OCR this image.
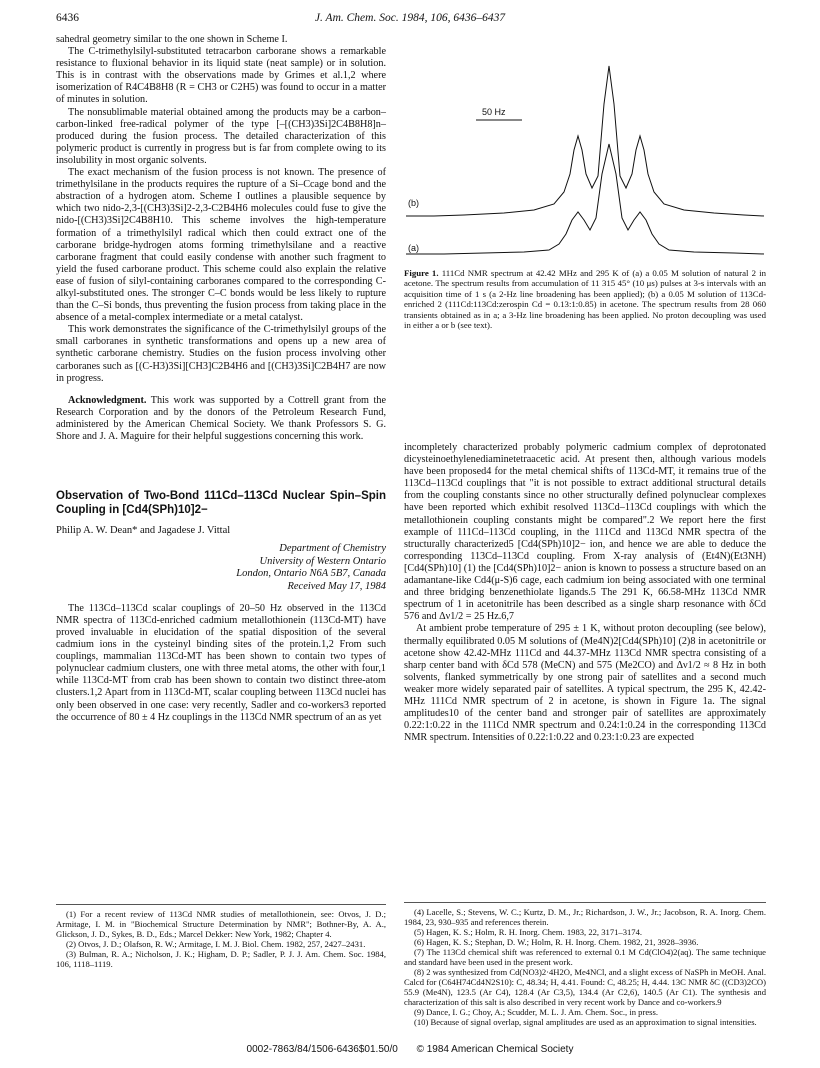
6436	J. Am. Chem. Soc. 1984, 106, 6436–6437

sahedral geometry similar to the one shown in Scheme I.

The C-trimethylsilyl-substituted tetracarbon carborane shows a remarkable resistance to fluxional behavior in its liquid state (neat sample) or in solution. This is in contrast with the observations made by Grimes et al.1,2 where isomerization of R4C4B8H8 (R = CH3 or C2H5) was found to occur in a matter of minutes in solution.

The nonsublimable material obtained among the products may be a carbon–carbon-linked free-radical polymer of the type [–[(CH3)3Si]2C4B8H8]n– produced during the fusion process. The detailed characterization of this polymeric product is currently in progress but is far from complete owing to its insolubility in most organic solvents.

The exact mechanism of the fusion process is not known. The presence of trimethylsilane in the products requires the rupture of a Si–Ccage bond and the abstraction of a hydrogen atom. Scheme I outlines a plausible sequence by which two nido-2,3-[(CH3)3Si]2-2,3-C2B4H6 molecules could fuse to give the nido-[(CH3)3Si]2C4B8H10. This scheme involves the high-temperature formation of a trimethylsilyl radical which then could extract one of the carborane bridge-hydrogen atoms forming trimethylsilane and a reactive carborane fragment that could easily condense with another such fragment to yield the fused carborane product. This scheme could also explain the relative ease of fusion of silyl-containing carboranes compared to the corresponding C-alkyl-substituted ones. The stronger C–C bonds would be less likely to rupture than the C–Si bonds, thus preventing the fusion process from taking place in the absence of a metal-complex intermediate or a metal catalyst.

This work demonstrates the significance of the C-trimethylsilyl groups of the small carboranes in synthetic transformations and opens up a new area of synthetic carborane chemistry. Studies on the fusion process involving other carboranes such as [(C-H3)3Si][CH3]C2B4H6 and [(CH3)3Si]C2B4H7 are now in progress.

Acknowledgment. This work was supported by a Cottrell grant from the Research Corporation and by the donors of the Petroleum Research Fund, administered by the American Chemical Society. We thank Professors S. G. Shore and J. A. Maguire for their helpful suggestions concerning this work.

Observation of Two-Bond 111Cd–113Cd Nuclear Spin–Spin Coupling in [Cd4(SPh)10]2−
Philip A. W. Dean* and Jagadese J. Vittal
Department of Chemistry
University of Western Ontario
London, Ontario N6A 5B7, Canada
Received May 17, 1984

The 113Cd–113Cd scalar couplings of 20–50 Hz observed in the 113Cd NMR spectra of 113Cd-enriched cadmium metallothionein (113Cd-MT) have proved invaluable in elucidation of the spatial disposition of the several cadmium ions in the cysteinyl binding sites of the protein.1,2 From such couplings, mammalian 113Cd-MT has been shown to contain two types of polynuclear cadmium clusters, one with three metal atoms, the other with four,1 while 113Cd-MT from crab has been shown to contain two distinct three-atom clusters.1,2 Apart from in 113Cd-MT, scalar coupling between 113Cd nuclei has only been observed in one case: very recently, Sadler and co-workers3 reported the occurrence of 80 ± 4 Hz couplings in the 113Cd NMR spectrum of an as yet

(1) For a recent review of 113Cd NMR studies of metallothionein, see: Otvos, J. D.; Armitage, I. M. in "Biochemical Structure Determination by NMR"; Bothner-By, A. A., Glickson, J. D., Sykes, B. D., Eds.; Marcel Dekker: New York, 1982; Chapter 4.

(2) Otvos, J. D.; Olafson, R. W.; Armitage, I. M. J. Biol. Chem. 1982, 257, 2427–2431.

(3) Bulman, R. A.; Nicholson, J. K.; Higham, D. P.; Sadler, P. J. J. Am. Chem. Soc. 1984, 106, 1118–1119.

50 Hz
(b)
(a)
Figure 1. 111Cd NMR spectrum at 42.42 MHz and 295 K of (a) a 0.05 M solution of natural 2 in acetone. The spectrum results from accumulation of 11 315 45° (10 μs) pulses at 3-s intervals with an acquisition time of 1 s (a 2-Hz line broadening has been applied); (b) a 0.05 M solution of 113Cd-enriched 2 (111Cd:113Cd:zerospin Cd = 0.13:1:0.85) in acetone. The spectrum results from 28 060 transients obtained as in a; a 3-Hz line broadening has been applied. No proton decoupling was used in either a or b (see text).

incompletely characterized probably polymeric cadmium complex of deprotonated dicysteinoethylenediaminetetraacetic acid. At present then, although various models have been proposed4 for the metal chemical shifts of 113Cd-MT, it remains true of the 113Cd–113Cd couplings that "it is not possible to extract additional structural details from the coupling constants since no other structurally defined polynuclear complexes have been reported which exhibit resolved 113Cd–113Cd couplings with which the metallothionein coupling constants might be compared".2 We report here the first example of 111Cd–113Cd coupling, in the 111Cd and 113Cd NMR spectra of the structurally characterized5 [Cd4(SPh)10]2− ion, and hence we are able to deduce the corresponding 113Cd–113Cd coupling. From X-ray analysis of (Et4N)(Et3NH)[Cd4(SPh)10] (1) the [Cd4(SPh)10]2− anion is known to possess a structure based on an adamantane-like Cd4(μ-S)6 cage, each cadmium ion being associated with one terminal and three bridging benzenethiolate ligands.5 The 291 K, 66.58-MHz 113Cd NMR spectrum of 1 in acetonitrile has been described as a single sharp resonance with δCd 576 and Δν1/2 = 25 Hz.6,7

At ambient probe temperature of 295 ± 1 K, without proton decoupling (see below), thermally equilibrated 0.05 M solutions of (Me4N)2[Cd4(SPh)10] (2)8 in acetonitrile or acetone show 42.42-MHz 111Cd and 44.37-MHz 113Cd NMR spectra consisting of a sharp center band with δCd 578 (MeCN) and 575 (Me2CO) and Δν1/2 ≈ 8 Hz in both solvents, flanked symmetrically by one strong pair of satellites and a second much weaker more widely separated pair of satellites. A typical spectrum, the 295 K, 42.42-MHz 111Cd NMR spectrum of 2 in acetone, is shown in Figure 1a. The signal amplitudes10 of the center band and stronger pair of satellites are approximately 0.22:1:0.22 in the 111Cd NMR spectrum and 0.24:1:0.24 in the corresponding 113Cd NMR spectrum. Intensities of 0.22:1:0.22 and 0.23:1:0.23 are expected

(4) Lacelle, S.; Stevens, W. C.; Kurtz, D. M., Jr.; Richardson, J. W., Jr.; Jacobson, R. A. Inorg. Chem. 1984, 23, 930–935 and references therein.

(5) Hagen, K. S.; Holm, R. H. Inorg. Chem. 1983, 22, 3171–3174.

(6) Hagen, K. S.; Stephan, D. W.; Holm, R. H. Inorg. Chem. 1982, 21, 3928–3936.

(7) The 113Cd chemical shift was referenced to external 0.1 M Cd(ClO4)2(aq). The same technique and standard have been used in the present work.

(8) 2 was synthesized from Cd(NO3)2·4H2O, Me4NCl, and a slight excess of NaSPh in MeOH. Anal. Calcd for (C64H74Cd4N2S10): C, 48.34; H, 4.41. Found: C, 48.25; H, 4.44. 13C NMR δC ((CD3)2CO) 55.9 (Me4N), 123.5 (Ar C4), 128.4 (Ar C3,5), 134.4 (Ar C2,6), 140.5 (Ar C1). The synthesis and characterization of this salt is also described in very recent work by Dance and co-workers.9

(9) Dance, I. G.; Choy, A.; Scudder, M. L. J. Am. Chem. Soc., in press.

(10) Because of signal overlap, signal amplitudes are used as an approximation to signal intensities.

0002-7863/84/1506-6436$01.50/0 © 1984 American Chemical Society
